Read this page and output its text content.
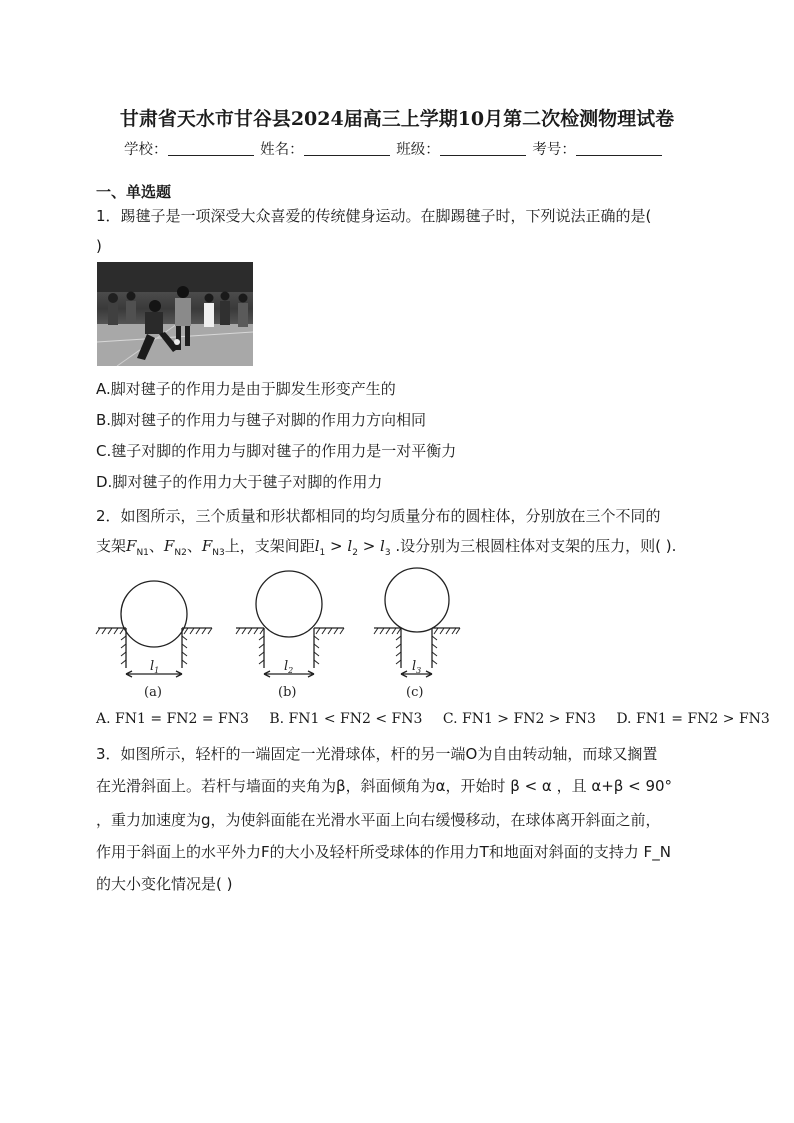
甘肃省天水市甘谷县2024届高三上学期10月第二次检测物理试卷
学校：	姓名：	班级：	考号：
一、单选题
1．踢毽子是一项深受大众喜爱的传统健身运动。在脚踢毽子时，下列说法正确的是(
)
A.脚对毽子的作用力是由于脚发生形变产生的
B.脚对毽子的作用力与毽子对脚的作用力方向相同
C.毽子对脚的作用力与脚对毽子的作用力是一对平衡力
D.脚对毽子的作用力大于毽子对脚的作用力
2．如图所示，三个质量和形状都相同的均匀质量分布的圆柱体，分别放在三个不同的
支架$F_{N1}$、$F_{N2}$、$F_{N3}$上，支架间距$l_1 > l_2 > l_3$ .设分别为三根圆柱体对支架的压力，则( ).
$l_1$	$l_2$	$l_3$
(a)	(b)	(c)
A. FN1 = FN2 = FN3 B. FN1 < FN2 < FN3 C. FN1 > FN2 > FN3 D. FN1 = FN2 > FN3
3．如图所示，轻杆的一端固定一光滑球体，杆的另一端O为自由转动轴，而球又搁置
在光滑斜面上。若杆与墙面的夹角为β，斜面倾角为α，开始时 β < α ，且 α+β < 90°
，重力加速度为g，为使斜面能在光滑水平面上向右缓慢移动，在球体离开斜面之前，
作用于斜面上的水平外力F的大小及轻杆所受球体的作用力T和地面对斜面的支持力 F_N
的大小变化情况是( )
